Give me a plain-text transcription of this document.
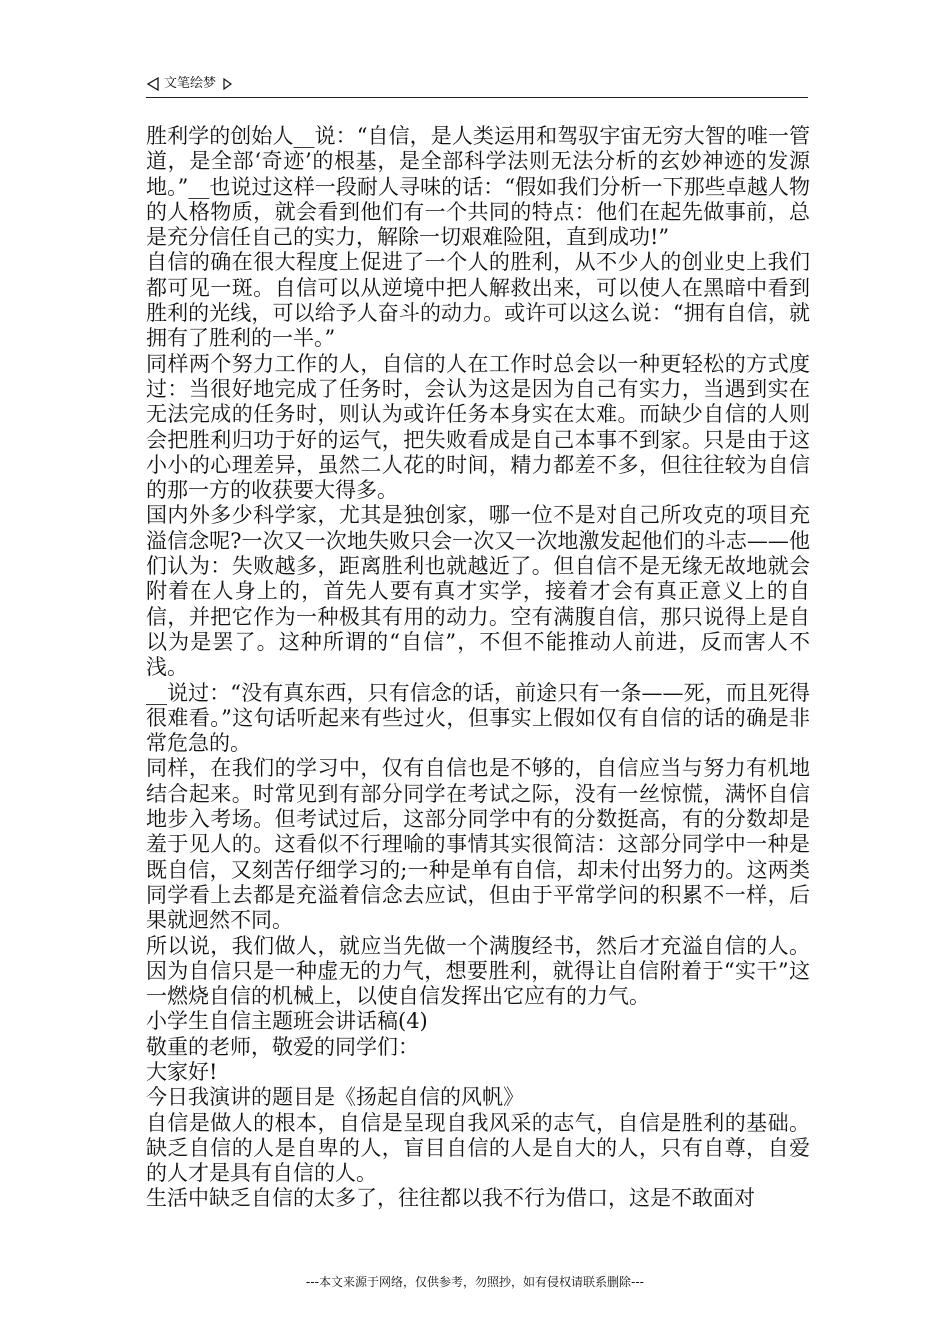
文笔绘梦

胜利学的创始人__说：“自信，是人类运用和驾驭宇宙无穷大智的唯一管道，是全部‘奇迹’的根基，是全部科学法则无法分析的玄妙神迹的发源地。”__也说过这样一段耐人寻味的话：“假如我们分析一下那些卓越人物的人格物质，就会看到他们有一个共同的特点：他们在起先做事前，总是充分信任自己的实力，解除一切艰难险阻，直到成功!”

自信的确在很大程度上促进了一个人的胜利，从不少人的创业史上我们都可见一斑。自信可以从逆境中把人解救出来，可以使人在黑暗中看到胜利的光线，可以给予人奋斗的动力。或许可以这么说：“拥有自信，就拥有了胜利的一半。”

同样两个努力工作的人，自信的人在工作时总会以一种更轻松的方式度过：当很好地完成了任务时，会认为这是因为自己有实力，当遇到实在无法完成的任务时，则认为或许任务本身实在太难。而缺少自信的人则会把胜利归功于好的运气，把失败看成是自己本事不到家。只是由于这小小的心理差异，虽然二人花的时间，精力都差不多，但往往较为自信的那一方的收获要大得多。

国内外多少科学家，尤其是独创家，哪一位不是对自己所攻克的项目充溢信念呢?一次又一次地失败只会一次又一次地激发起他们的斗志——他们认为：失败越多，距离胜利也就越近了。但自信不是无缘无故地就会附着在人身上的，首先人要有真才实学，接着才会有真正意义上的自信，并把它作为一种极其有用的动力。空有满腹自信，那只说得上是自以为是罢了。这种所谓的“自信”，不但不能推动人前进，反而害人不浅。

__说过：“没有真东西，只有信念的话，前途只有一条——死，而且死得很难看。”这句话听起来有些过火，但事实上假如仅有自信的话的确是非常危急的。

同样，在我们的学习中，仅有自信也是不够的，自信应当与努力有机地结合起来。时常见到有部分同学在考试之际，没有一丝惊慌，满怀自信地步入考场。但考试过后，这部分同学中有的分数挺高，有的分数却是羞于见人的。这看似不行理喻的事情其实很简洁：这部分同学中一种是既自信，又刻苦仔细学习的;一种是单有自信，却未付出努力的。这两类同学看上去都是充溢着信念去应试，但由于平常学问的积累不一样，后果就迥然不同。

所以说，我们做人，就应当先做一个满腹经书，然后才充溢自信的人。因为自信只是一种虚无的力气，想要胜利，就得让自信附着于“实干”这一燃烧自信的机械上，以使自信发挥出它应有的力气。

小学生自信主题班会讲话稿(4)

敬重的老师，敬爱的同学们：

大家好!

今日我演讲的题目是《扬起自信的风帆》

自信是做人的根本，自信是呈现自我风采的志气，自信是胜利的基础。缺乏自信的人是自卑的人，盲目自信的人是自大的人，只有自尊，自爱的人才是具有自信的人。

生活中缺乏自信的太多了，往往都以我不行为借口，这是不敢面对

---本文来源于网络，仅供参考，勿照抄，如有侵权请联系删除---
